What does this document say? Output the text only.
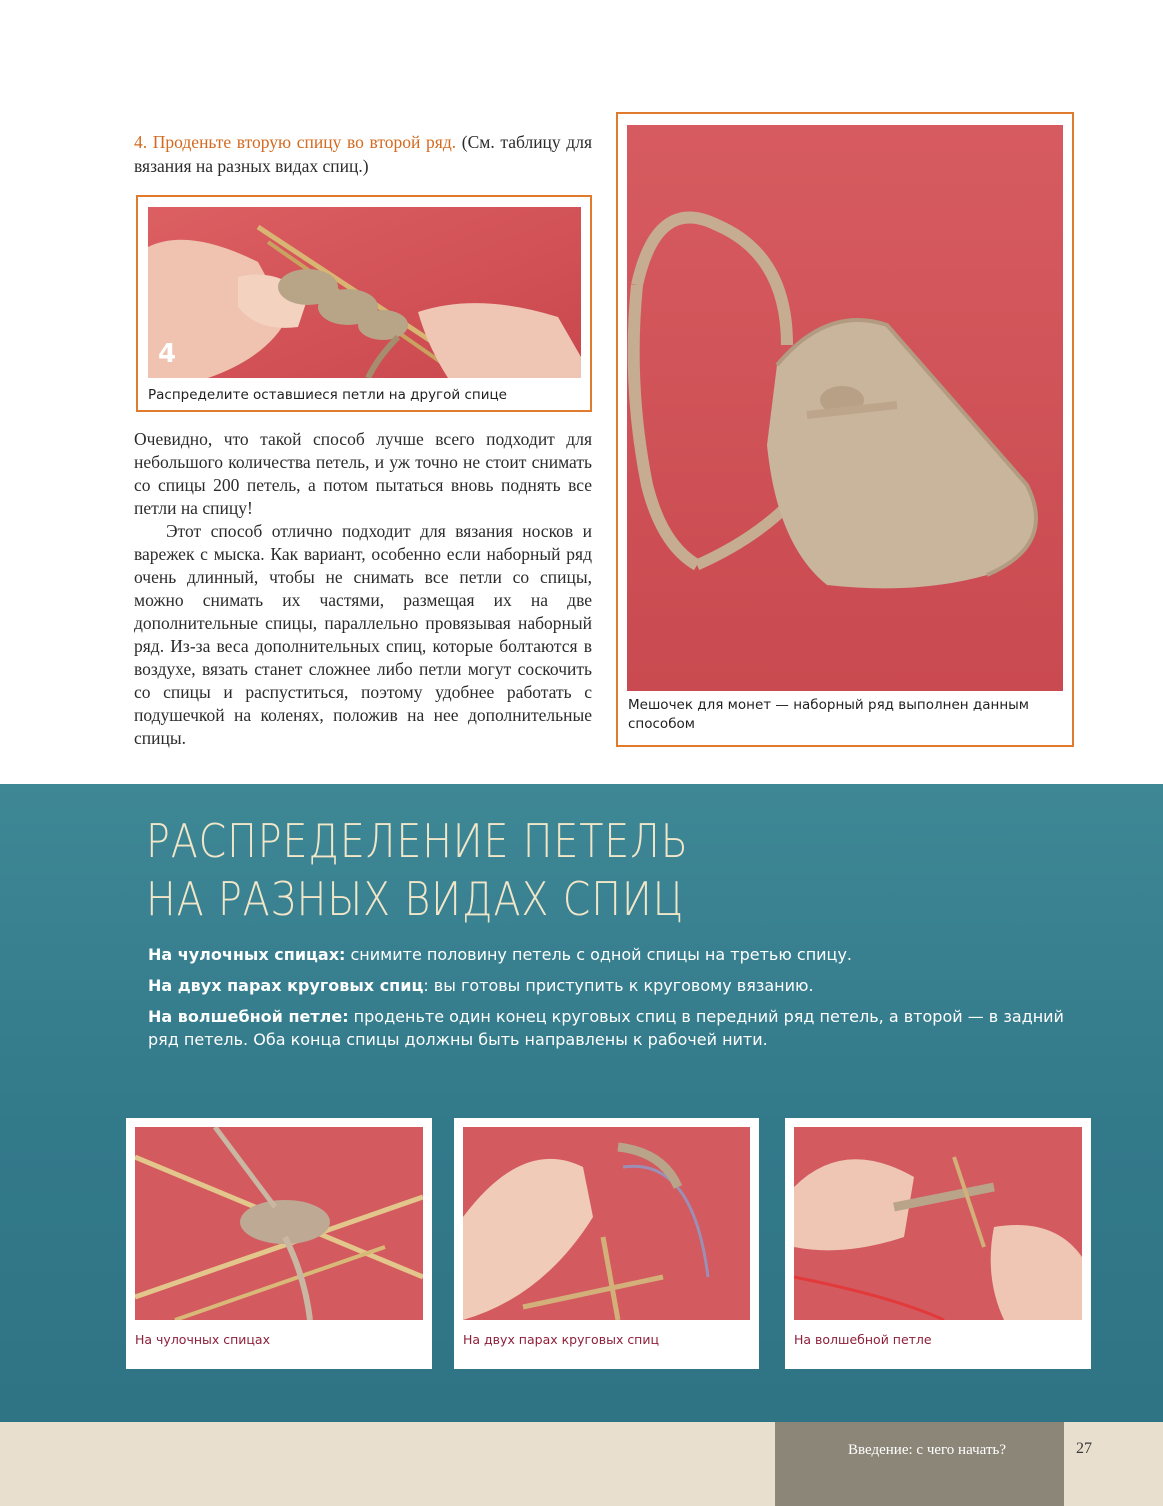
4. Проденьте вторую спицу во второй ряд. (См. таблицу для вязания на разных видах спиц.)
4
Распределите оставшиеся петли на другой спице

Очевидно, что такой способ лучше всего подходит для небольшого количества петель, и уж точно не стоит снимать со спицы 200 петель, а потом пытаться вновь поднять все петли на спицу!

Этот способ отлично подходит для вязания носков и варежек с мыска. Как вариант, особенно если наборный ряд очень длинный, чтобы не снимать все петли со спицы, можно снимать их частями, размещая их на две дополнительные спицы, параллельно провязывая наборный ряд. Из-за веса дополнительных спиц, которые болтаются в воздухе, вязать станет сложнее либо петли могут соскочить со спицы и распуститься, поэтому удобнее работать с подушечкой на коленях, положив на нее дополнительные спицы.

Мешочек для монет — наборный ряд выполнен данным способом
РАСПРЕДЕЛЕНИЕ ПЕТЕЛЬ
НА РАЗНЫХ ВИДАХ СПИЦ

На чулочных спицах: снимите половину петель с одной спицы на третью спицу.

На двух парах круговых спиц: вы готовы приступить к круговому вязанию.

На волшебной петле: проденьте один конец круговых спиц в передний ряд петель, а второй — в задний ряд петель. Оба конца спицы должны быть направлены к рабочей нити.

На чулочных спицах	На двух парах круговых спиц	На волшебной петле
Введение: с чего начать?	27
